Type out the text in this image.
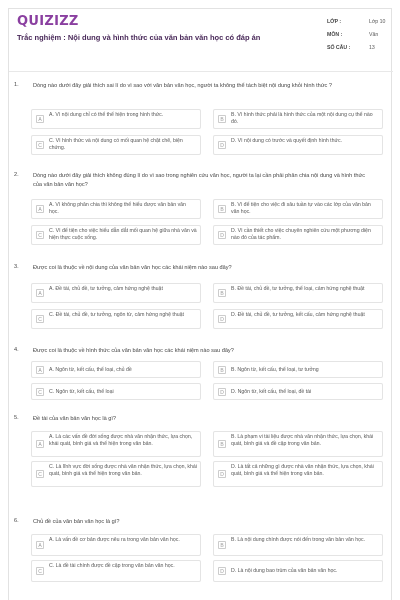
QUIZIZZ
Trắc nghiệm : Nội dung và hình thức của văn bản văn học có đáp án
LỚP :	Lớp 10
MÔN :	Văn
SỐ CÂU :	13
1.	Dòng nào dưới đây giải thích sai lí do vì sao với văn bản văn học, người ta không thể tách biệt nội dung khỏi hình thức ?
A
A. Vì nội dung chỉ có thể thể hiện trong hình thức.
B
B. Vì hình thức phải là hình thức của một nội dung cụ thể nào đó.
C
C. Vì hình thức và nội dung có mối quan hệ chặt chẽ, biện chứng.	D
D. Vì nội dung có trước và quyết định hình thức.
2.	Dòng nào dưới đây giải thích không đúng lí do vì sao trong nghiên cứu văn học, người ta lại cần phải phân chia nội dung và hình thức của văn bản văn học?
A
A. Vì không phân chia thì không thể hiểu được văn bản văn học.	B
B. Vì để tiện cho việc đi sâu tuần tự vào các lớp của văn bản văn học.
C
C. Vì để tiện cho việc hiểu dẫn dắt mối quan hệ giữa nhà văn và hiện thực cuộc sống.	D
D. Vì cần thiết cho việc chuyên nghiên cứu một phương diện nào đó của tác phẩm.
3.	Được coi là thuộc về nội dung của văn bản văn học các khái niệm nào sau đây?
A
A. Đề tài, chủ đề, tư tưởng, cảm hứng nghệ thuật
B
B. Đề tài, chủ đề, tư tưởng, thể loại, cảm hứng nghệ thuật
C
C. Đề tài, chủ đề, tư tưởng, ngôn từ, cảm hứng nghệ thuật
D
D. Đề tài, chủ đề, tư tưởng, kết cấu, cảm hứng nghệ thuật
4.	Được coi là thuộc về hình thức của văn bản văn học các khái niệm nào sau đây?
A	A. Ngôn từ, kết cấu, thể loại, chủ đề	B	B. Ngôn từ, kết cấu, thể loại, tư tưởng
C	C. Ngôn từ, kết cấu, thể loại	D	D. Ngôn từ, kết cấu, thể loại, đề tài
5.	Đề tài của văn bản văn học là gì?
A
A. Là các vấn đề đời sống được nhà văn nhận thức, lựa chọn, khái quát, bình giá và thể hiện trong văn bản.	B
B. Là phạm vi tài liệu được nhà văn nhận thức, lựa chọn, khái quát, bình giá và đề cập trong văn bản.
C
C. Là lĩnh vực đời sống được nhà văn nhận thức, lựa chọn, khái quát, bình giá và thể hiện trong văn bản.	D
D. Là tất cả những gì được nhà văn nhận thức, lựa chọn, khái quát, bình giá và thể hiện trong văn bản.
6.	Chủ đề của văn bản văn học là gì?
A
A. Là vấn đề cơ bản được nêu ra trong văn bản văn học.
B
B. Là nội dung chính được nói đến trong văn bản văn học.
C
C. Là đề tài chính được đề cập trong văn bản văn học.
D	D. Là nội dung bao trùm của văn bản văn học.
